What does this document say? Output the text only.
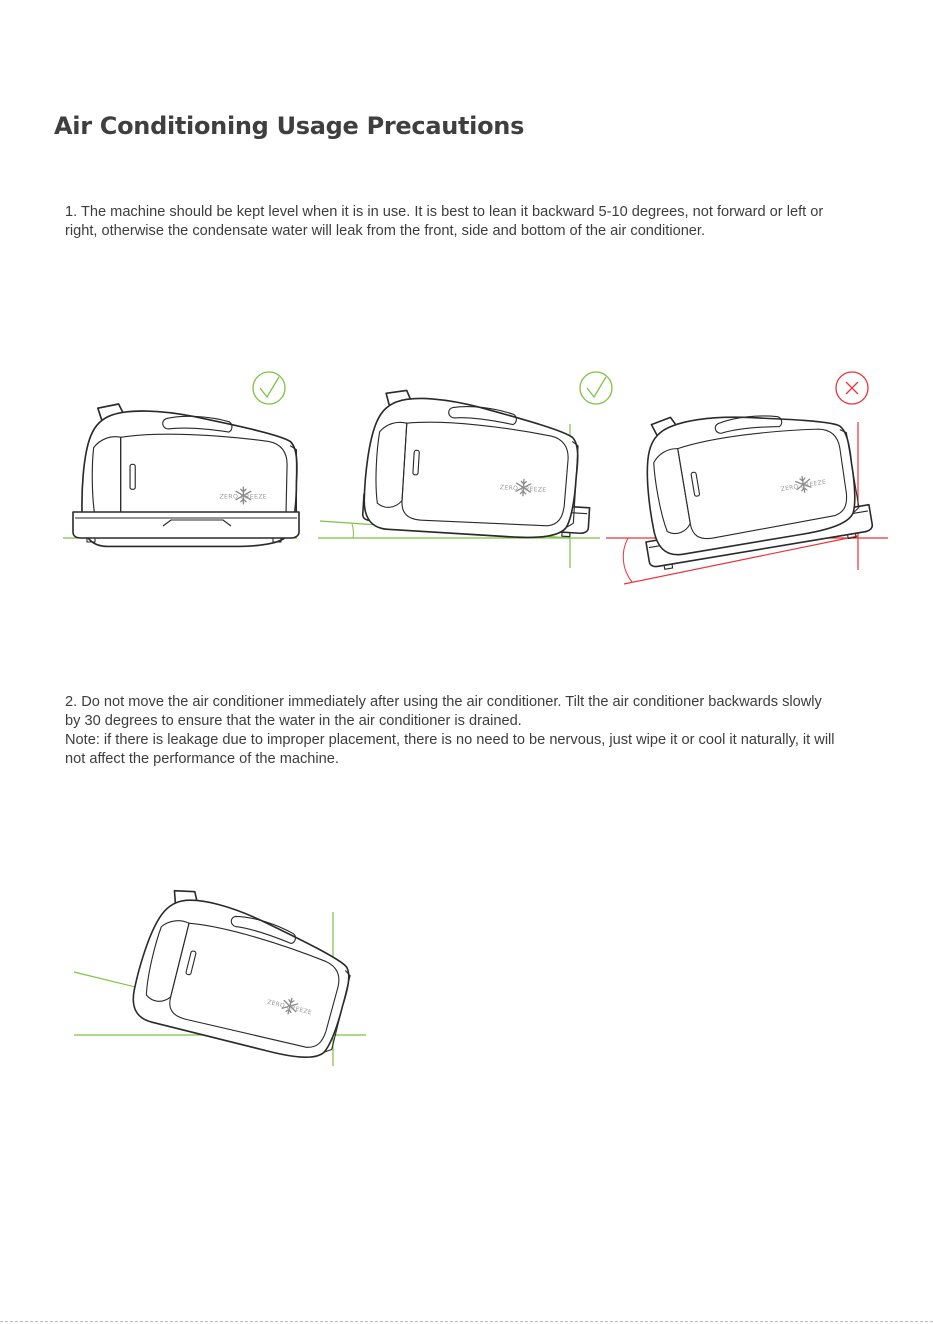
Air Conditioning Usage Precautions

1. The machine should be kept level when it is in use. It is best to lean it backward 5-10 degrees, not forward or left or
right, otherwise the condensate water will leak from the front, side and bottom of the air conditioner.

2. Do not move the air conditioner immediately after using the air conditioner. Tilt the air conditioner backwards slowly
by 30 degrees to ensure that the water in the air conditioner is drained.
Note: if there is leakage due to improper placement, there is no need to be nervous, just wipe it or cool it naturally, it will
not affect the performance of the machine.
